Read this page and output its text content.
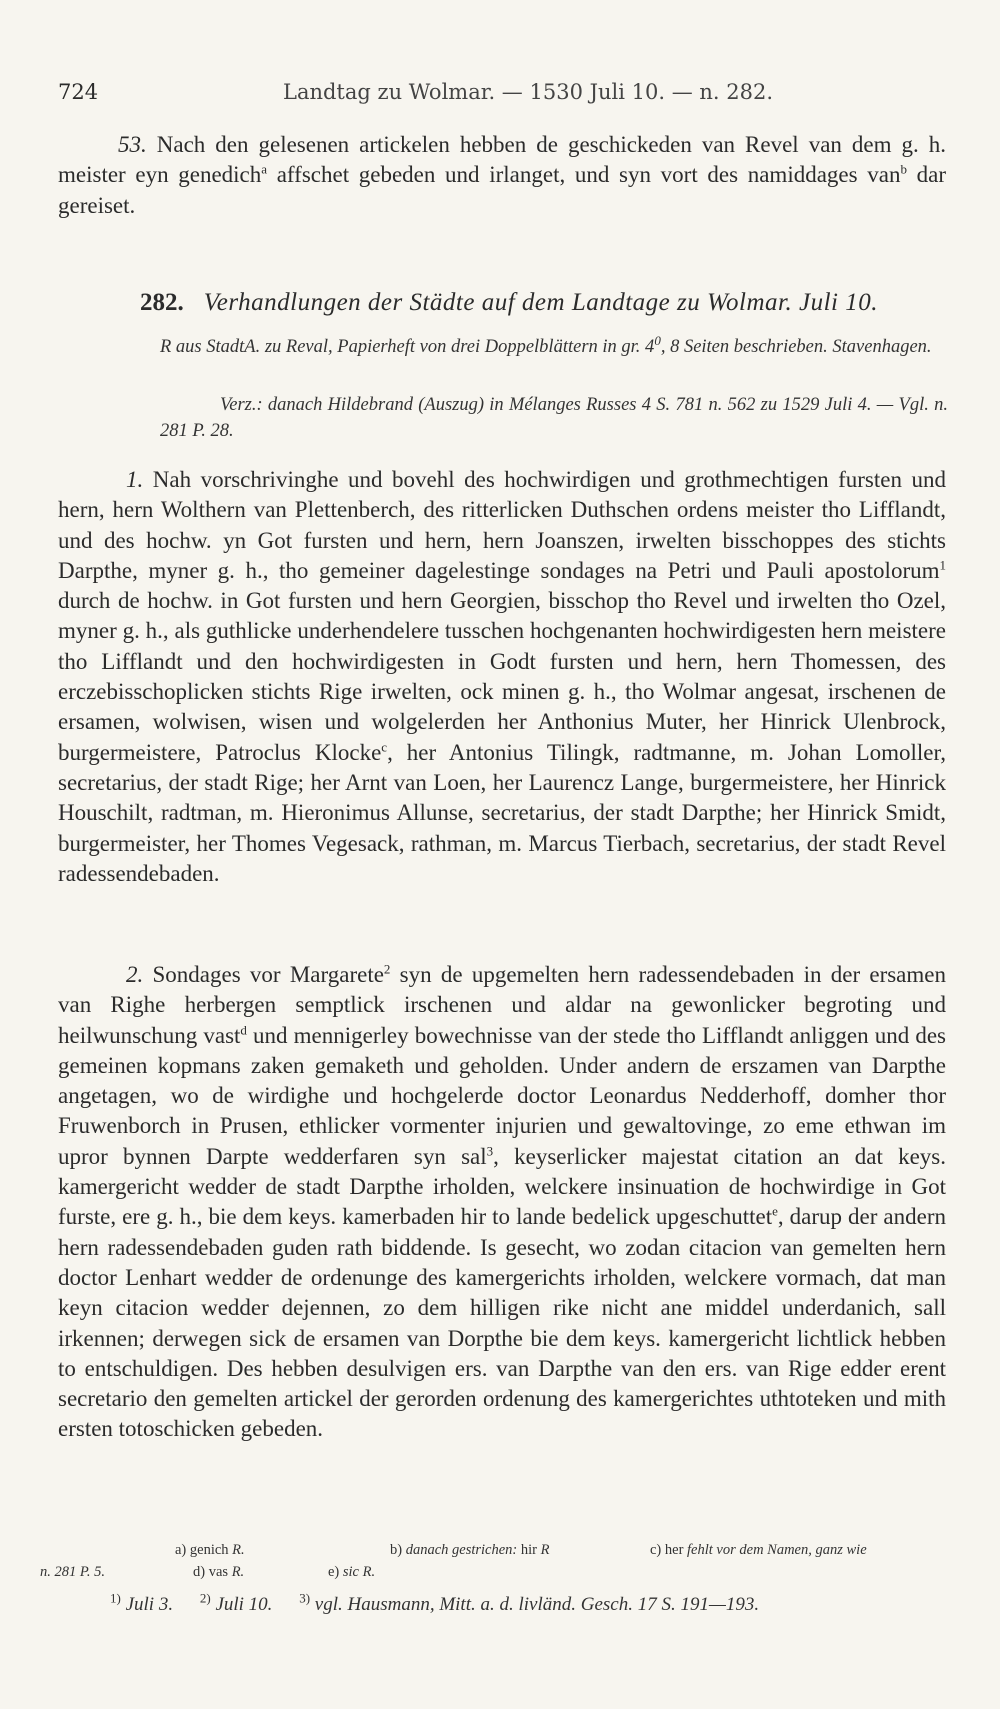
724	Landtag zu Wolmar. — 1530 Juli 10. — n. 282.
53. Nach den gelesenen artickelen hebben de geschickeden van Revel van dem g. h. meister eyn genedich$^a$ affschet gebeden und irlanget, und syn vort des namiddages van$^b$ dar gereiset.
282. Verhandlungen der Städte auf dem Landtage zu Wolmar. Juli 10.
R aus StadtA. zu Reval, Papierheft von drei Doppelblättern in gr. $4^0$, 8 Seiten beschrieben. Stavenhagen.
Verz.: danach Hildebrand (Auszug) in Mélanges Russes 4 S. 781 n. 562 zu 1529 Juli 4. — Vgl. n. 281 P. 28.
1. Nah vorschrivinghe und bovehl des hochwirdigen und grothmechtigen fursten und hern, hern Wolthern van Plettenberch, des ritterlicken Duthschen ordens meister tho Lifflandt, und des hochw. yn Got fursten und hern, hern Joanszen, irwelten bisschoppes des stichts Darpthe, myner g. h., tho gemeiner dagelestinge sondages na Petri und Pauli apostolorum$^1$ durch de hochw. in Got fursten und hern Georgien, bisschop tho Revel und irwelten tho Ozel, myner g. h., als guthlicke underhendelere tusschen hochgenanten hochwirdigesten hern meistere tho Lifflandt und den hochwirdigesten in Godt fursten und hern, hern Thomessen, des erczebisschoplicken stichts Rige irwelten, ock minen g. h., tho Wolmar angesat, irschenen de ersamen, wolwisen, wisen und wolgelerden her Anthonius Muter, her Hinrick Ulenbrock, burgermeistere, Patroclus Klocke$^c$, her Antonius Tilingk, radtmanne, m. Johan Lomoller, secretarius, der stadt Rige; her Arnt van Loen, her Laurencz Lange, burgermeistere, her Hinrick Houschilt, radtman, m. Hieronimus Allunse, secretarius, der stadt Darpthe; her Hinrick Smidt, burgermeister, her Thomes Vegesack, rathman, m. Marcus Tierbach, secretarius, der stadt Revel radessendebaden.
2. Sondages vor Margarete$^2$ syn de upgemelten hern radessendebaden in der ersamen van Righe herbergen semptlick irschenen und aldar na gewonlicker begroting und heilwunschung vast$^d$ und mennigerley bowechnisse van der stede tho Lifflandt anliggen und des gemeinen kopmans zaken gemaketh und geholden. Under andern de erszamen van Darpthe angetagen, wo de wirdighe und hochgelerde doctor Leonardus Nedderhoff, domher thor Fruwenborch in Prusen, ethlicker vormenter injurien und gewaltovinge, zo eme ethwan im upror bynnen Darpte wedderfaren syn sal$^3$, keyserlicker majestat citation an dat keys. kamergericht wedder de stadt Darpthe irholden, welckere insinuation de hochwirdige in Got furste, ere g. h., bie dem keys. kamerbaden hir to lande bedelick upgeschuttet$^e$, darup der andern hern radessendebaden guden rath biddende. Is gesecht, wo zodan citacion van gemelten hern doctor Lenhart wedder de ordenunge des kamergerichts irholden, welckere vormach, dat man keyn citacion wedder dejennen, zo dem hilligen rike nicht ane middel underdanich, sall irkennen; derwegen sick de ersamen van Dorpthe bie dem keys. kamergericht lichtlick hebben to entschuldigen. Des hebben desulvigen ers. van Darpthe van den ers. van Rige edder erent secretario den gemelten artickel der gerorden ordenung des kamergerichtes uthtoteken und mith ersten totoschicken gebeden.
a) genich R.	b) danach gestrichen: hir R	c) her fehlt vor dem Namen, ganz wie
n. 281 P. 5.	d) vas R.	e) sic R.
$^{1)}$ Juli 3. $^{2)}$ Juli 10. $^{3)}$ vgl. Hausmann, Mitt. a. d. livländ. Gesch. 17 S. 191—193.
